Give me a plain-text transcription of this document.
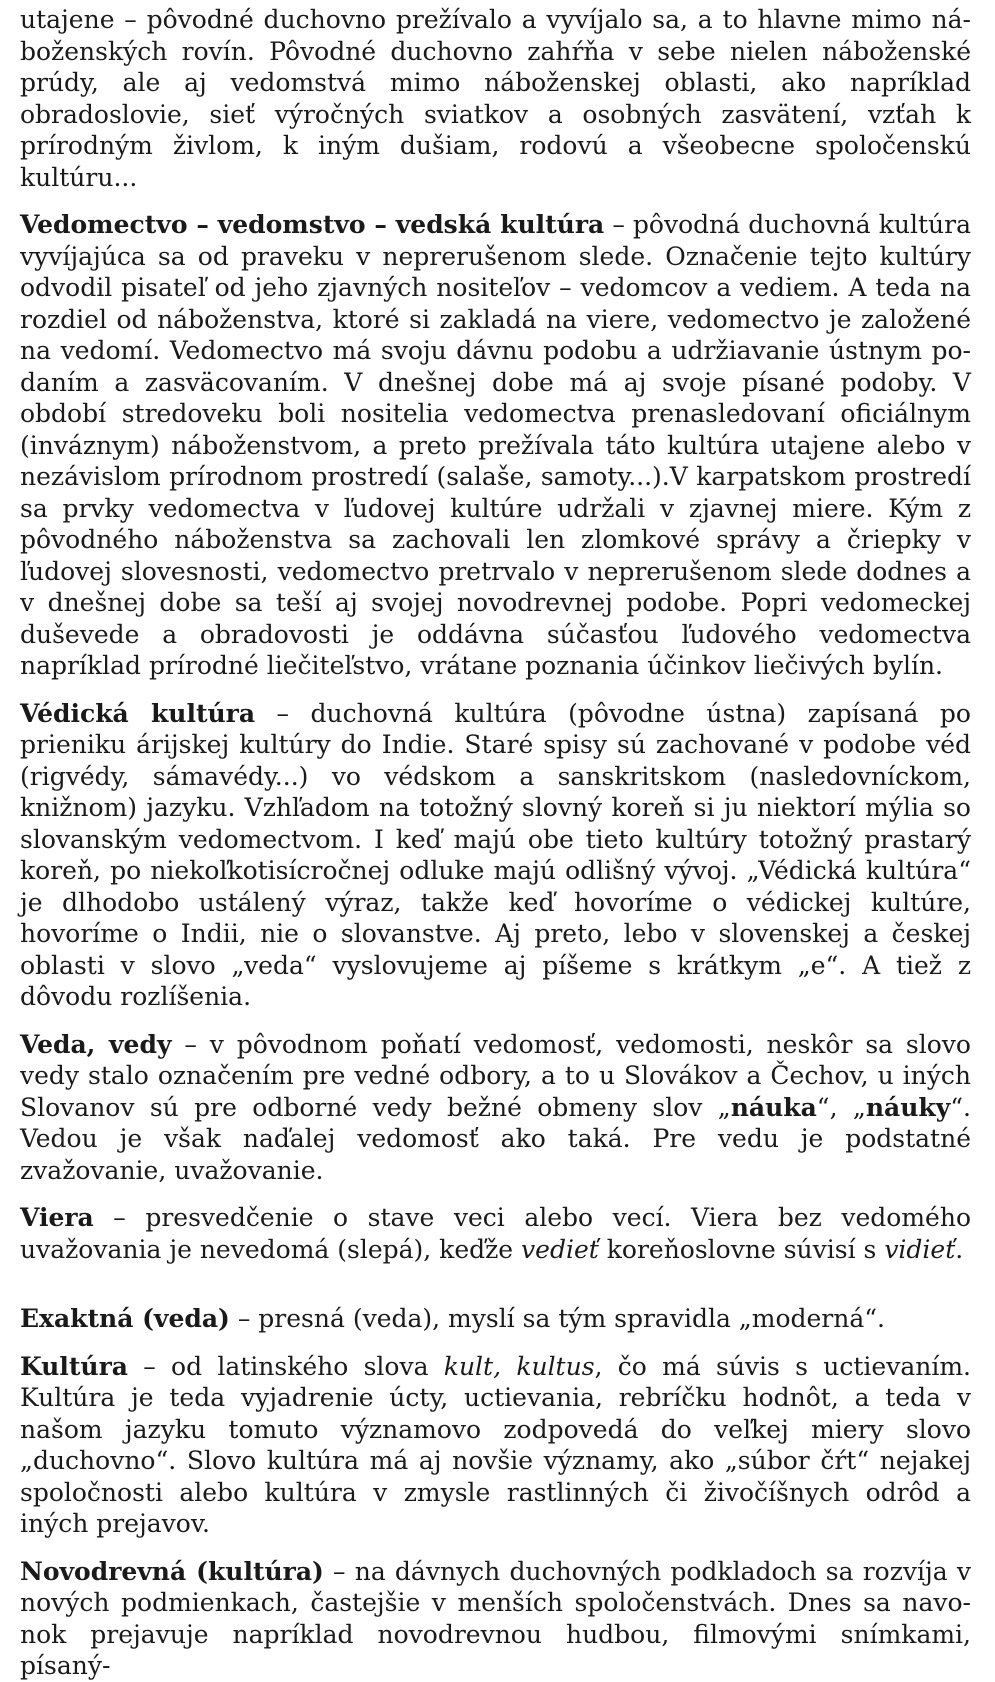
utajene – pôvodné duchovno prežívalo a vyvíjalo sa, a to hlavne mimo náboženských rovín. Pôvodné duchovno zahŕňa v sebe nielen náboženské prúdy, ale aj vedomstvá mimo náboženskej oblasti, ako napríklad obradoslovie, sieť výročných sviatkov a osobných zasvätení, vzťah k prírodným živlom, k iným dušiam, rodovú a všeobecne spoločenskú kultúru...

Vedomectvo – vedomstvo – vedská kultúra – pôvodná duchovná kultúra vyvíjajúca sa od praveku v neprerušenom slede. Označenie tejto kultúry odvodil pisateľ od jeho zjavných nositeľov – vedomcov a vediem. A teda na rozdiel od náboženstva, ktoré si zakladá na viere, vedomectvo je založené na vedomí. Vedomectvo má svoju dávnu podobu a udržiavanie ústnym podaním a zasväcovaním. V dnešnej dobe má aj svoje písané podoby. V období stredoveku boli nositelia vedomectva prenasledovaní oficiálnym (inváznym) náboženstvom, a preto prežívala táto kultúra utajene alebo v nezávislom prírodnom prostredí (salaše, samoty...).V karpatskom prostredí sa prvky vedomectva v ľudovej kultúre udržali v zjavnej miere. Kým z pôvodného náboženstva sa zachovali len zlomkové správy a čriepky v ľudovej slovesnosti, vedomectvo pretrvalo v neprerušenom slede dodnes a v dnešnej dobe sa teší aj svojej novodrevnej podobe. Popri vedomeckej duševede a obradovosti je oddávna súčasťou ľudového vedomectva napríklad prírodné liečiteľstvo, vrátane poznania účinkov liečivých bylín.

Védická kultúra – duchovná kultúra (pôvodne ústna) zapísaná po prieniku árijskej kultúry do Indie. Staré spisy sú zachované v podobe véd (rigvédy, sámavédy...) vo védskom a sanskritskom (nasledovníckom, knižnom) jazyku. Vzhľadom na totožný slovný koreň si ju niektorí mýlia so slovanským vedomectvom. I keď majú obe tieto kultúry totožný prastarý koreň, po niekoľkotisícročnej odluke majú odlišný vývoj. „Védická kultúra“ je dlhodobo ustálený výraz, takže keď hovoríme o védickej kultúre, hovoríme o Indii, nie o slovanstve. Aj preto, lebo v slovenskej a českej oblasti v slovo „veda“ vyslovujeme aj píšeme s krátkym „e“. A tiež z dôvodu rozlíšenia.

Veda, vedy – v pôvodnom poňatí vedomosť, vedomosti, neskôr sa slovo vedy stalo označením pre vedné odbory, a to u Slovákov a Čechov, u iných Slovanov sú pre odborné vedy bežné obmeny slov „náuka“, „náuky“. Vedou je však naďalej vedomosť ako taká. Pre vedu je podstatné zvažovanie, uvažovanie.

Viera – presvedčenie o stave veci alebo vecí. Viera bez vedomého uvažovania je nevedomá (slepá), keďže vedieť koreňoslovne súvisí s vidieť.

Exaktná (veda) – presná (veda), myslí sa tým spravidla „moderná“.

Kultúra – od latinského slova kult, kultus, čo má súvis s uctievaním. Kultúra je teda vyjadrenie úcty, uctievania, rebríčku hodnôt, a teda v našom jazyku tomuto významovo zodpovedá do veľkej miery slovo „duchovno“. Slovo kultúra má aj novšie významy, ako „súbor čŕt“ nejakej spoločnosti alebo kultúra v zmysle rastlinných či živočíšnych odrôd a iných prejavov.

Novodrevná (kultúra) – na dávnych duchovných podkladoch sa rozvíja v nových podmienkach, častejšie v menších spoločenstvách. Dnes sa navonok prejavuje napríklad novodrevnou hudbou, filmovými snímkami, písaný-
